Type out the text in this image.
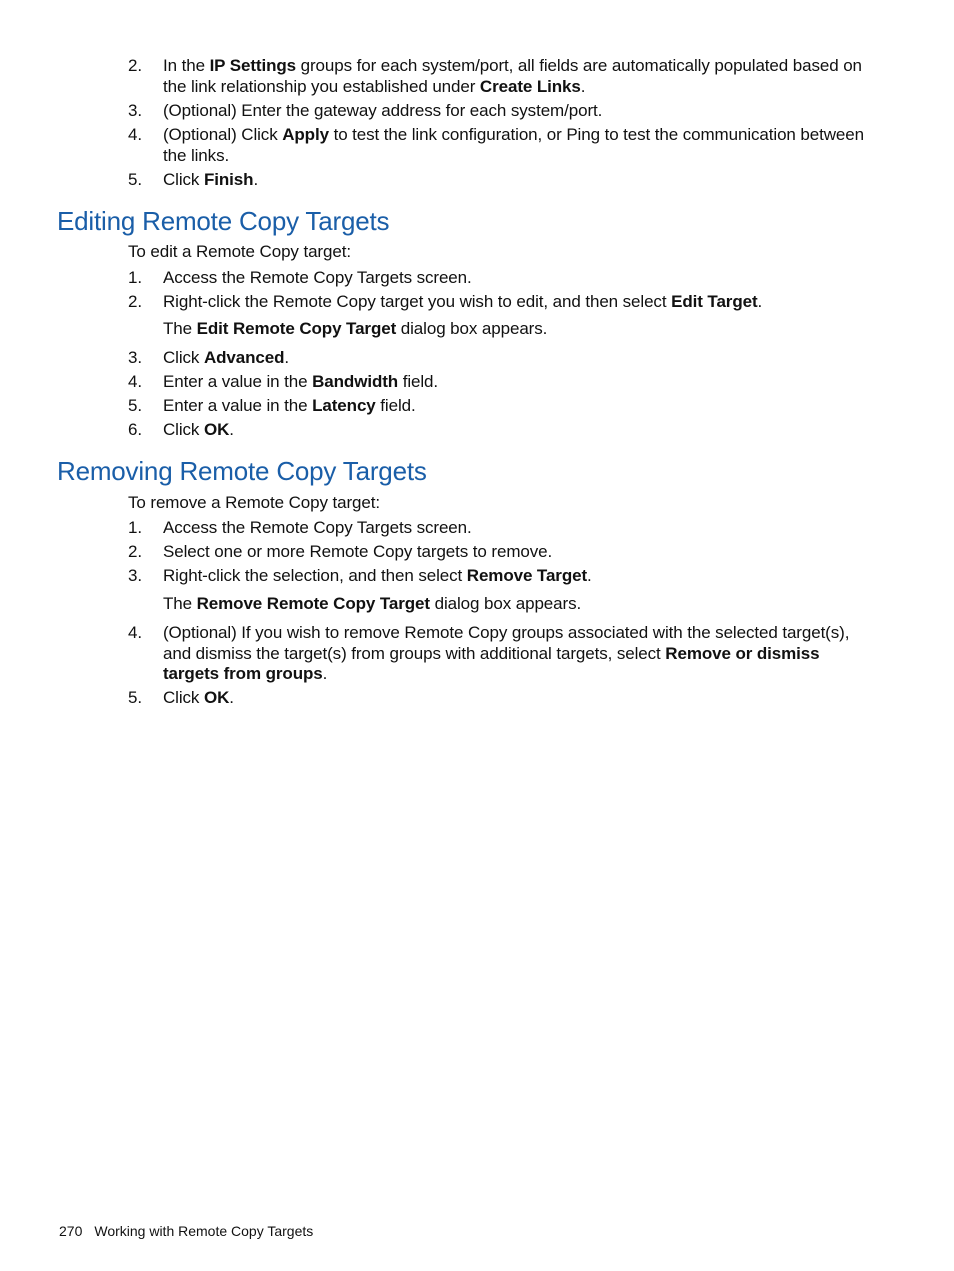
2. In the IP Settings groups for each system/port, all fields are automatically populated based on the link relationship you established under Create Links.
3. (Optional) Enter the gateway address for each system/port.
4. (Optional) Click Apply to test the link configuration, or Ping to test the communication between the links.
5. Click Finish.
Editing Remote Copy Targets
To edit a Remote Copy target:
1. Access the Remote Copy Targets screen.
2. Right-click the Remote Copy target you wish to edit, and then select Edit Target.
The Edit Remote Copy Target dialog box appears.
3. Click Advanced.
4. Enter a value in the Bandwidth field.
5. Enter a value in the Latency field.
6. Click OK.
Removing Remote Copy Targets
To remove a Remote Copy target:
1. Access the Remote Copy Targets screen.
2. Select one or more Remote Copy targets to remove.
3. Right-click the selection, and then select Remove Target.
The Remove Remote Copy Target dialog box appears.
4. (Optional) If you wish to remove Remote Copy groups associated with the selected target(s), and dismiss the target(s) from groups with additional targets, select Remove or dismiss targets from groups.
5. Click OK.
270 Working with Remote Copy Targets
